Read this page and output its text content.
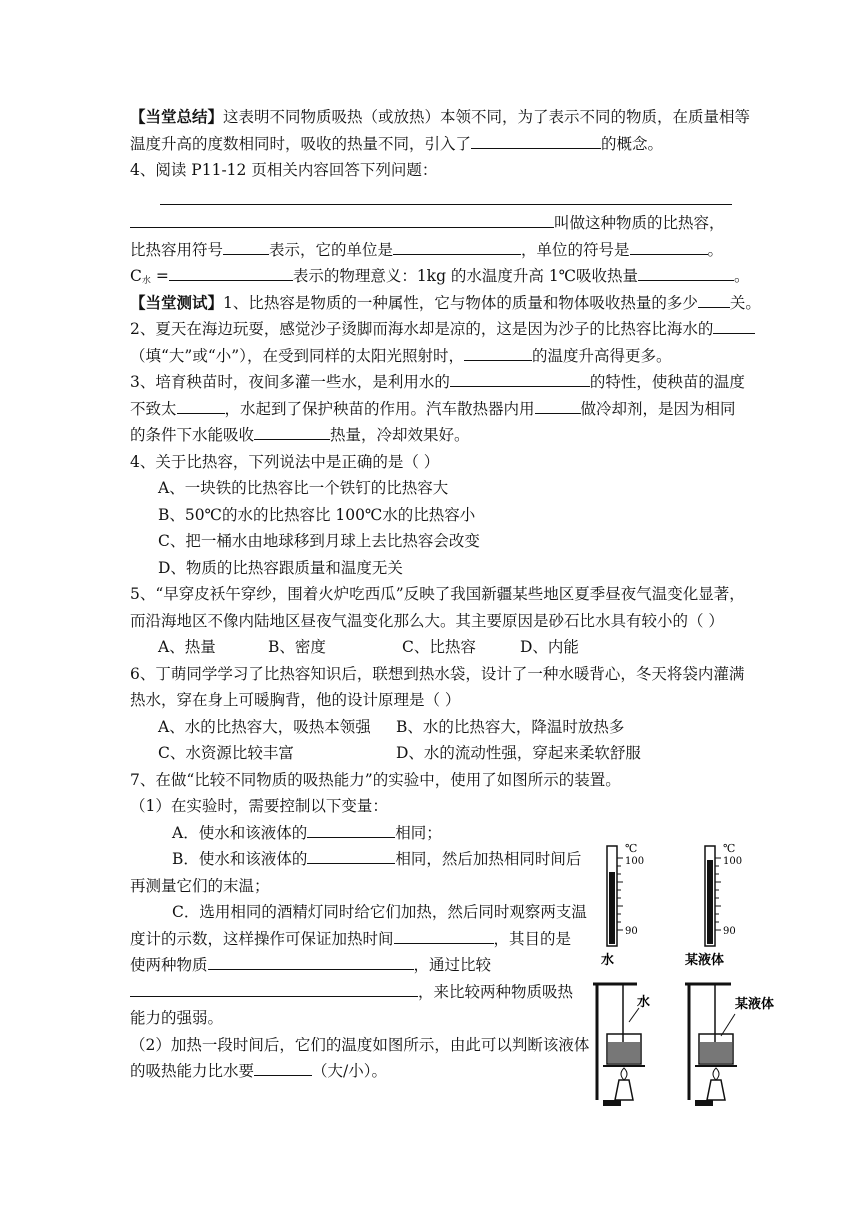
【当堂总结】这表明不同物质吸热（或放热）本领不同，为了表示不同的物质，在质量相等
温度升高的度数相同时，吸收的热量不同，引入了	的概念。
4、阅读 P11-12 页相关内容回答下列问题：
叫做这种物质的比热容，
比热容用符号	表示，它的单位是	，单位的符号是	。
$C_水$ =	表示的物理意义：1kg 的水温度升高 1℃吸收热量	。
【当堂测试】1、比热容是物质的一种属性，它与物体的质量和物体吸收热量的多少 关。
2、夏天在海边玩耍，感觉沙子烫脚而海水却是凉的，这是因为沙子的比热容比海水的
（填“大”或“小”），在受到同样的太阳光照射时，	的温度升高得更多。
3、培育秧苗时，夜间多灌一些水，是利用水的	的特性，使秧苗的温度
不致太	，水起到了保护秧苗的作用。汽车散热器内用	做冷却剂，是因为相同
的条件下水能吸收	热量，冷却效果好。
4、关于比热容，下列说法中是正确的是（ ）
A、一块铁的比热容比一个铁钉的比热容大
B、50℃的水的比热容比 100℃水的比热容小
C、把一桶水由地球移到月球上去比热容会改变
D、物质的比热容跟质量和温度无关
5、“早穿皮袄午穿纱，围着火炉吃西瓜”反映了我国新疆某些地区夏季昼夜气温变化显著，
而沿海地区不像内陆地区昼夜气温变化那么大。其主要原因是砂石比水具有较小的（ ）
A、热量	B、密度	C、比热容	D、内能
6、丁萌同学学习了比热容知识后，联想到热水袋，设计了一种水暖背心，冬天将袋内灌满
热水，穿在身上可暖胸背，他的设计原理是（ ）
A、水的比热容大，吸热本领强 B、水的比热容大，降温时放热多
C、水资源比较丰富	D、水的流动性强，穿起来柔软舒服
7、在做“比较不同物质的吸热能力”的实验中，使用了如图所示的装置。
（1）在实验时，需要控制以下变量：
A．使水和该液体的	相同；
B．使水和该液体的	相同，然后加热相同时间后
再测量它们的末温；
C．选用相同的酒精灯同时给它们加热，然后同时观察两支温
度计的示数，这样操作可保证加热时间	，其目的是
使两种物质	，通过比较
，来比较两种物质吸热
能力的强弱。
（2）加热一段时间后，它们的温度如图所示，由此可以判断该液体
的吸热能力比水要	（大/小）。
℃
100
90
水
℃
100
90
某液体
水	某液体
